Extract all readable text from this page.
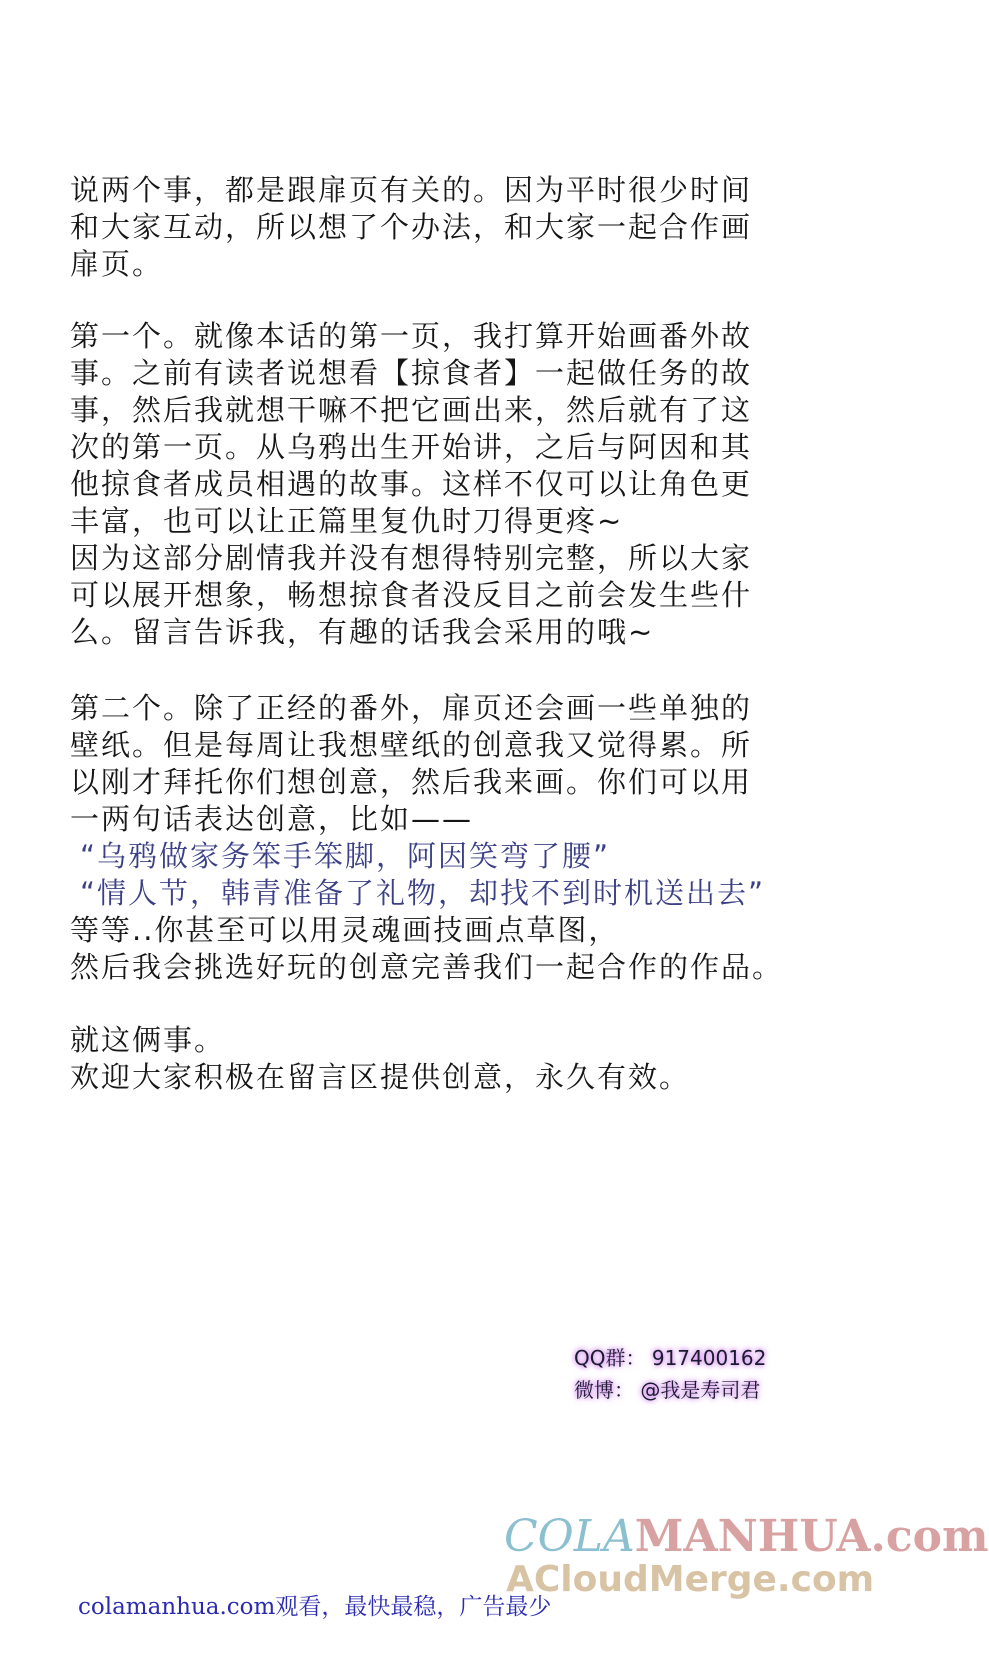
说两个事，都是跟扉页有关的。因为平时很少时间

和大家互动，所以想了个办法，和大家一起合作画

扉页。

第一个。就像本话的第一页，我打算开始画番外故

事。之前有读者说想看【掠食者】一起做任务的故

事，然后我就想干嘛不把它画出来，然后就有了这

次的第一页。从乌鸦出生开始讲，之后与阿因和其

他掠食者成员相遇的故事。这样不仅可以让角色更

丰富，也可以让正篇里复仇时刀得更疼~

因为这部分剧情我并没有想得特别完整，所以大家

可以展开想象，畅想掠食者没反目之前会发生些什

么。留言告诉我，有趣的话我会采用的哦~

第二个。除了正经的番外，扉页还会画一些单独的

壁纸。但是每周让我想壁纸的创意我又觉得累。所

以刚才拜托你们想创意，然后我来画。你们可以用

一两句话表达创意，比如——

“乌鸦做家务笨手笨脚，阿因笑弯了腰”

“情人节，韩青准备了礼物，却找不到时机送出去”

等等..你甚至可以用灵魂画技画点草图，

然后我会挑选好玩的创意完善我们一起合作的作品。

就这俩事。

欢迎大家积极在留言区提供创意，永久有效。

QQ群： 917400162
微博： @我是寿司君
COLAMANHUA.com
ACloudMerge.com
colamanhua.com观看，最快最稳，广告最少
